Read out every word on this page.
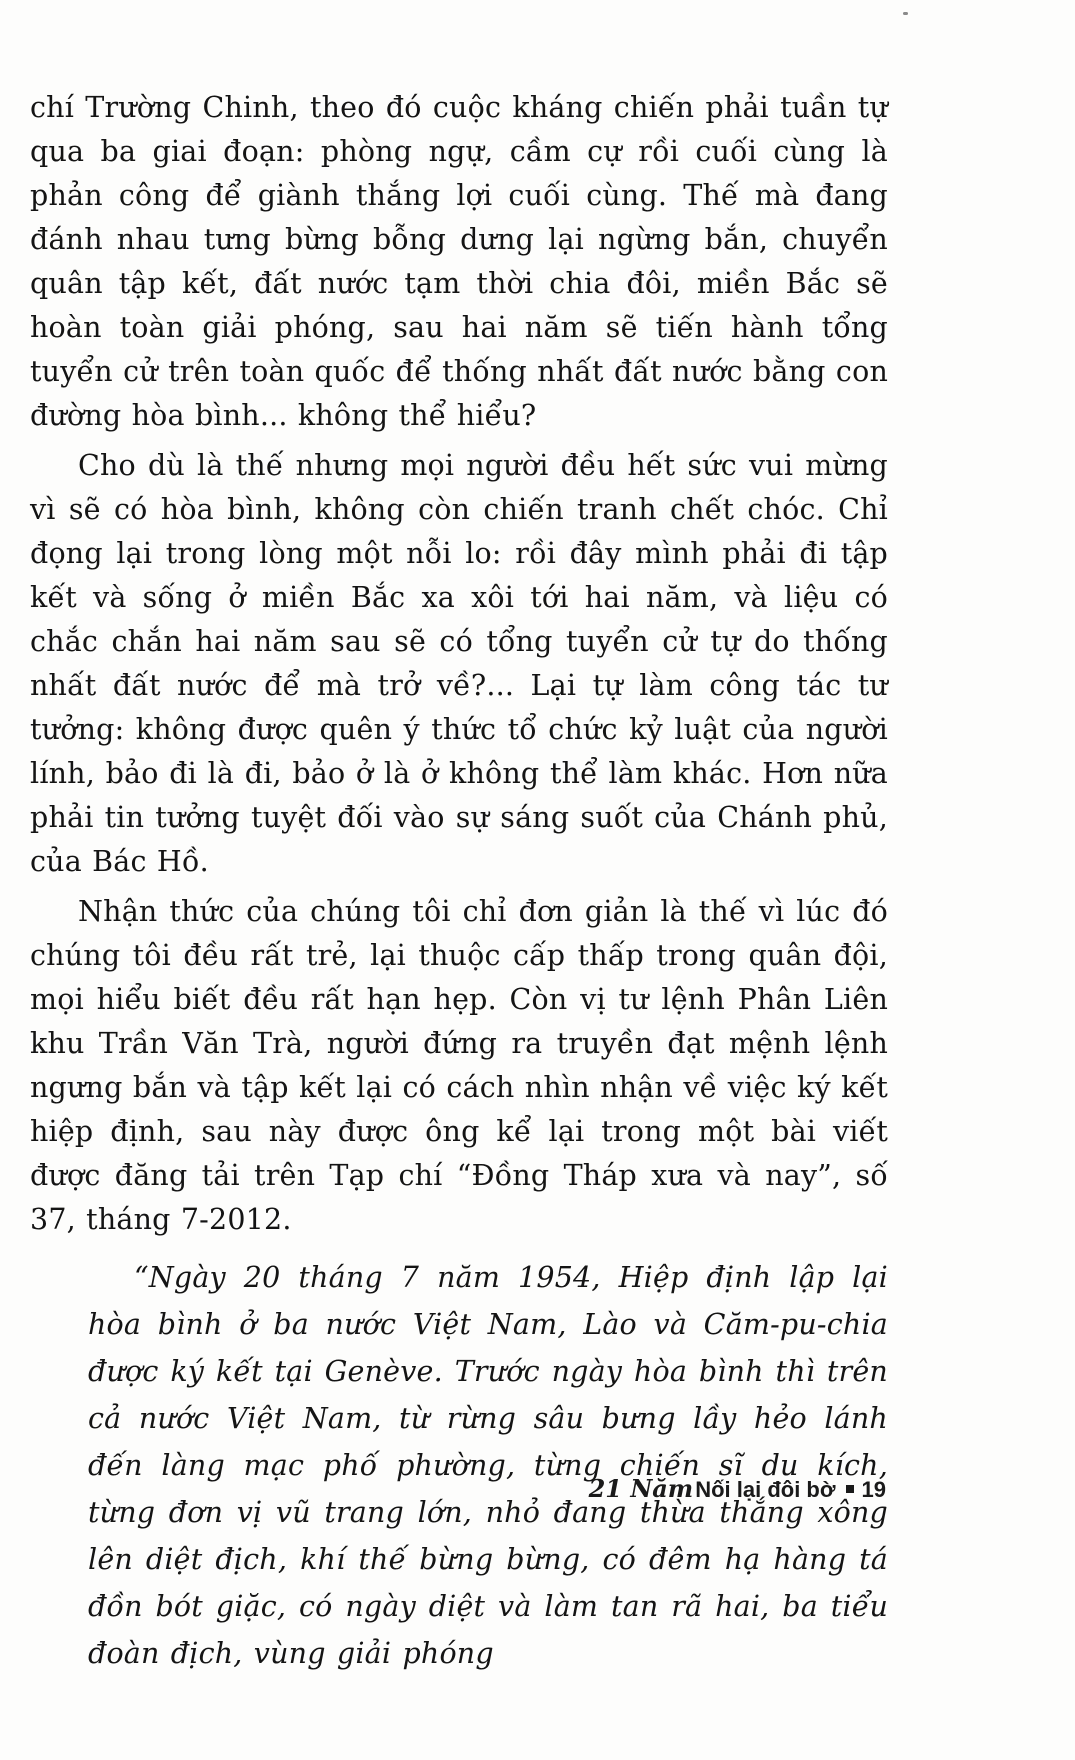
chí Trường Chinh, theo đó cuộc kháng chiến phải tuần tự qua ba giai đoạn: phòng ngự, cầm cự rồi cuối cùng là phản công để giành thắng lợi cuối cùng. Thế mà đang đánh nhau tưng bừng bỗng dưng lại ngừng bắn, chuyển quân tập kết, đất nước tạm thời chia đôi, miền Bắc sẽ hoàn toàn giải phóng, sau hai năm sẽ tiến hành tổng tuyển cử trên toàn quốc để thống nhất đất nước bằng con đường hòa bình... không thể hiểu?

Cho dù là thế nhưng mọi người đều hết sức vui mừng vì sẽ có hòa bình, không còn chiến tranh chết chóc. Chỉ đọng lại trong lòng một nỗi lo: rồi đây mình phải đi tập kết và sống ở miền Bắc xa xôi tới hai năm, và liệu có chắc chắn hai năm sau sẽ có tổng tuyển cử tự do thống nhất đất nước để mà trở về?... Lại tự làm công tác tư tưởng: không được quên ý thức tổ chức kỷ luật của người lính, bảo đi là đi, bảo ở là ở không thể làm khác. Hơn nữa phải tin tưởng tuyệt đối vào sự sáng suốt của Chánh phủ, của Bác Hồ.

Nhận thức của chúng tôi chỉ đơn giản là thế vì lúc đó chúng tôi đều rất trẻ, lại thuộc cấp thấp trong quân đội, mọi hiểu biết đều rất hạn hẹp. Còn vị tư lệnh Phân Liên khu Trần Văn Trà, người đứng ra truyền đạt mệnh lệnh ngưng bắn và tập kết lại có cách nhìn nhận về việc ký kết hiệp định, sau này được ông kể lại trong một bài viết được đăng tải trên Tạp chí “Đồng Tháp xưa và nay”, số 37, tháng 7-2012.

“Ngày 20 tháng 7 năm 1954, Hiệp định lập lại hòa bình ở ba nước Việt Nam, Lào và Căm-pu-chia được ký kết tại Genève. Trước ngày hòa bình thì trên cả nước Việt Nam, từ rừng sâu bưng lầy hẻo lánh đến làng mạc phố phường, từng chiến sĩ du kích, từng đơn vị vũ trang lớn, nhỏ đang thừa thắng xông lên diệt địch, khí thế bừng bừng, có đêm hạ hàng tá đồn bót giặc, có ngày diệt và làm tan rã hai, ba tiểu đoàn địch, vùng giải phóng

21 Năm Nối lại đôi bờ 19
